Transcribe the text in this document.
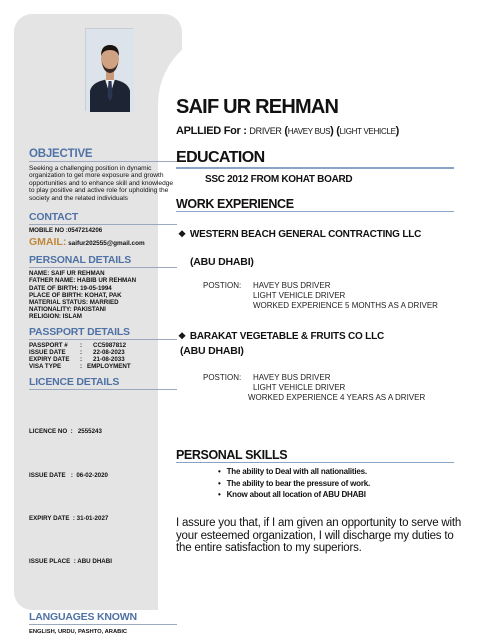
OBJECTIVE
Seeking a challenging position in dynamic organization to get more exposure and growth opportunities and to enhance skill and knowledge to play positive and active role for upholding the society and the related individuals
CONTACT
MOBILE NO :0547214206
GMAIL: saifur202555@gmail.com
PERSONAL DETAILS
NAME: SAIF UR REHMAN
FATHER NAME: HABIB UR REHMAN
DATE OF BIRTH: 19-05-1994
PLACE OF BIRTH: KOHAT, PAK
MATERIAL STATUS: MARRIED
NATIONALITY: PAKISTANI
RELIGION: ISLAM
PASSPORT DETAILS
PASSPORT #	:	CC5987812
ISSUE DATE	:	22-08-2023
EXPIRY DATE	:	21-08-2033
VISA TYPE	: EMPLOYMENT
LICENCE DETAILS

LICENCE NO  :   2555243

ISSUE DATE   :  06-02-2020

EXPIRY DATE  : 31-01-2027

ISSUE PLACE  : ABU DHABI

LANGUAGES KNOWN
ENGLISH, URDU, PASHTO, ARABIC
SAIF UR REHMAN
APLLIED For : DRIVER (HAVEY BUS) (LIGHT VEHICLE)
EDUCATION
SSC 2012 FROM KOHAT BOARD
WORK EXPERIENCE
❖ WESTERN BEACH GENERAL CONTRACTING LLC
(ABU DHABI)
POSTION: HAVEY BUS DRIVER
LIGHT VEHICLE DRIVER
WORKED EXPERIENCE 5 MONTHS AS A DRIVER
❖ BARAKAT VEGETABLE & FRUITS CO LLC
(ABU DHABI)
POSTION: HAVEY BUS DRIVER
LIGHT VEHICLE DRIVER
WORKED EXPERIENCE 4 YEARS AS A DRIVER
PERSONAL SKILLS
• The ability to Deal with all nationalities.
• The ability to bear the pressure of work.
• Know about all location of ABU DHABI
I assure you that, if I am given an opportunity to serve with your esteemed organization, I will discharge my duties to the entire satisfaction to my superiors.
